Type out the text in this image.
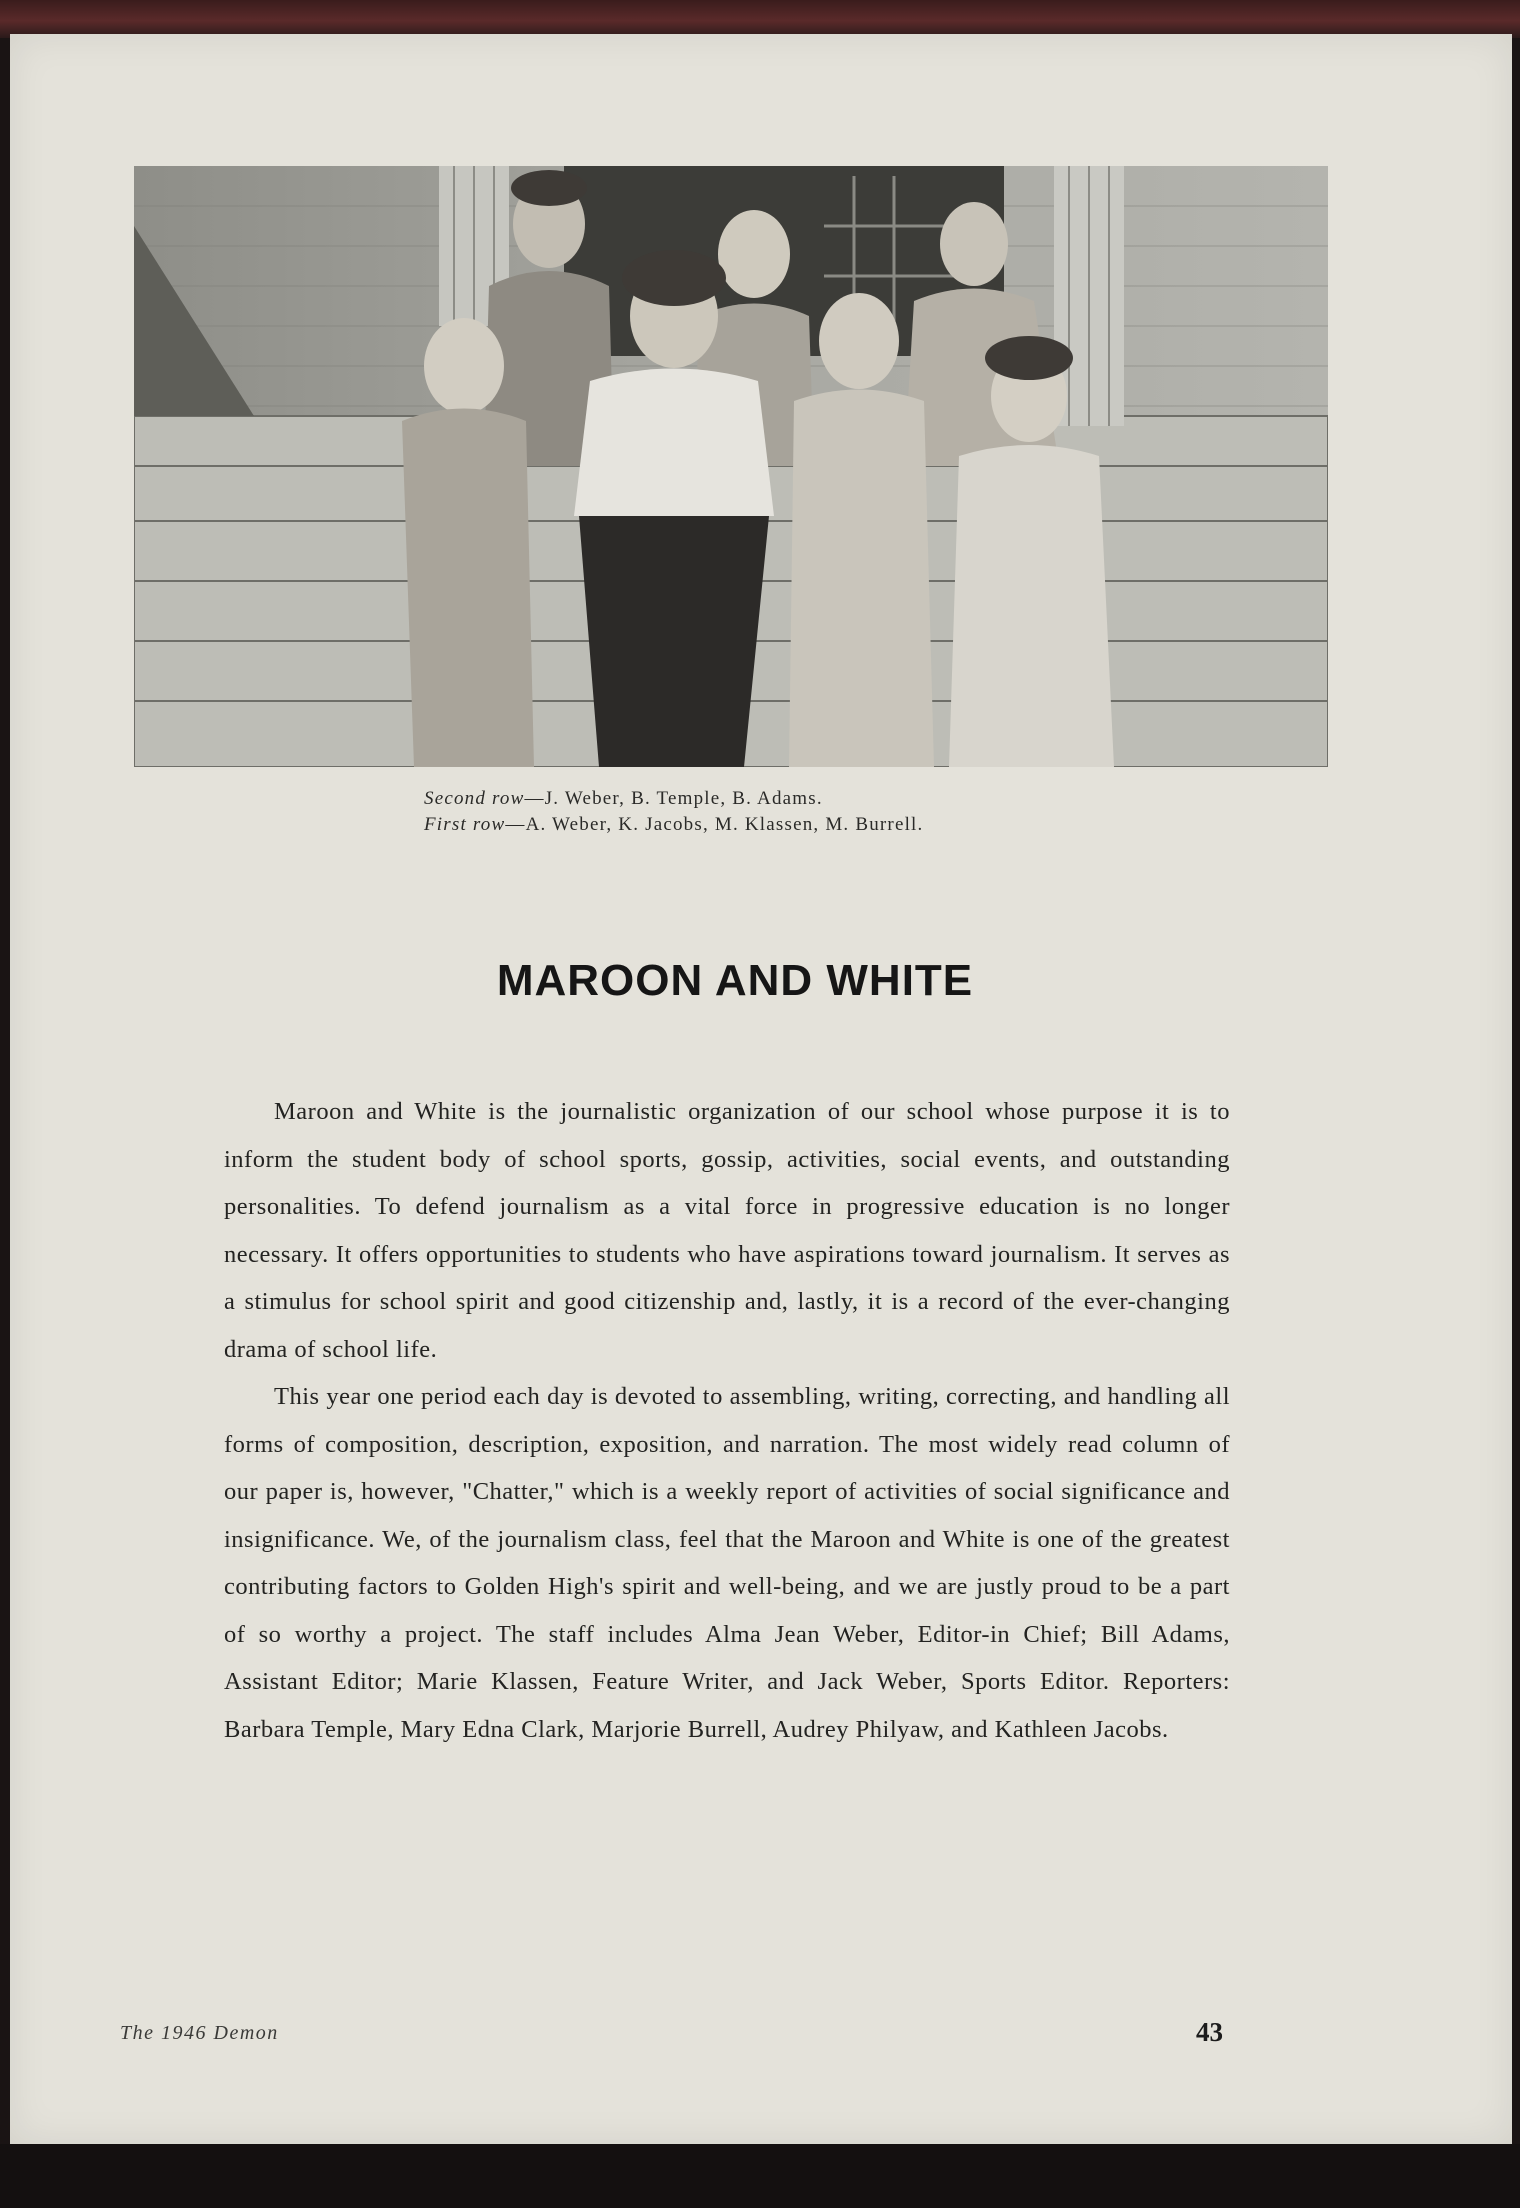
Second row—J. Weber, B. Temple, B. Adams.
First row—A. Weber, K. Jacobs, M. Klassen, M. Burrell.
MAROON AND WHITE

Maroon and White is the journalistic organization of our school whose purpose it is to inform the student body of school sports, gossip, activities, social events, and outstanding personalities. To defend journalism as a vital force in progressive education is no longer necessary. It offers opportunities to students who have aspirations toward journalism. It serves as a stimulus for school spirit and good citizenship and, lastly, it is a record of the ever-changing drama of school life.

This year one period each day is devoted to assembling, writing, correcting, and handling all forms of composition, description, exposition, and narration. The most widely read column of our paper is, however, "Chatter," which is a weekly report of activities of social significance and insignificance. We, of the journalism class, feel that the Maroon and White is one of the greatest contributing factors to Golden High's spirit and well-being, and we are justly proud to be a part of so worthy a project. The staff includes Alma Jean Weber, Editor-in Chief; Bill Adams, Assistant Editor; Marie Klassen, Feature Writer, and Jack Weber, Sports Editor. Reporters: Barbara Temple, Mary Edna Clark, Marjorie Burrell, Audrey Philyaw, and Kathleen Jacobs.

The 1946 Demon	43
